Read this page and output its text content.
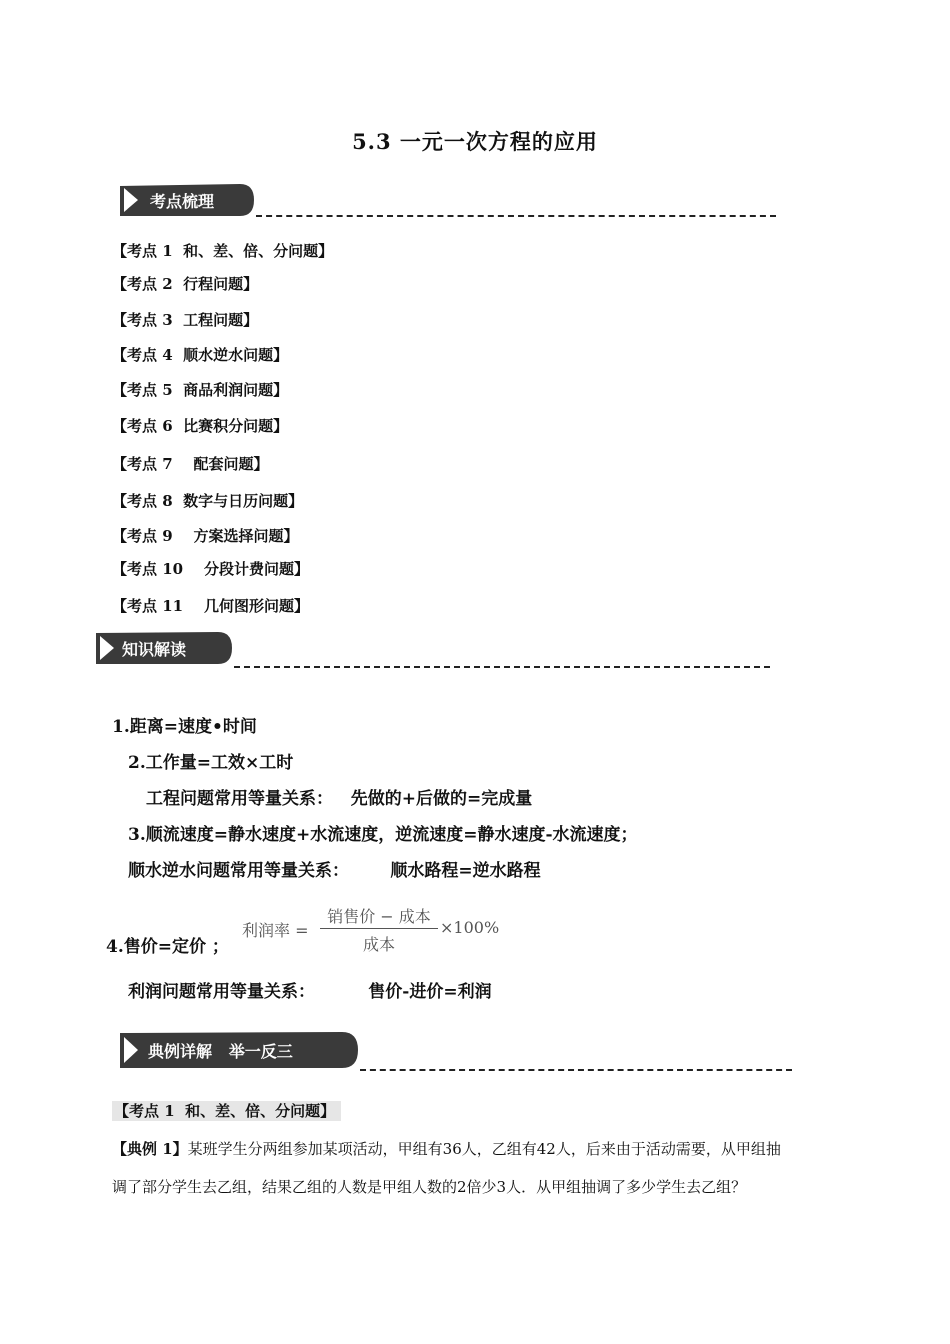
5.3 一元一次方程的应用
考点梳理
【考点 1  和、差、倍、分问题】
【考点 2  行程问题】
【考点 3  工程问题】
【考点 4  顺水逆水问题】
【考点 5  商品利润问题】
【考点 6  比赛积分问题】
【考点 7    配套问题】
【考点 8  数字与日历问题】
【考点 9    方案选择问题】
【考点 10    分段计费问题】
【考点 11    几何图形问题】
知识解读
1.距离=速度•时间
2.工作量=工效×工时
工程问题常用等量关系：   先做的+后做的=完成量
3.顺流速度=静水速度+水流速度，逆流速度=静水速度-水流速度；
顺水逆水问题常用等量关系：       顺水路程=逆水路程
利润率 =
销售价 − 成本
成本
×100%
4.售价=定价 ；
利润问题常用等量关系：         售价-进价=利润
典例详解   举一反三
【考点 1  和、差、倍、分问题】
【典例 1】某班学生分两组参加某项活动，甲组有36人，乙组有42人，后来由于活动需要，从甲组抽
调了部分学生去乙组，结果乙组的人数是甲组人数的2倍少3人．从甲组抽调了多少学生去乙组？
